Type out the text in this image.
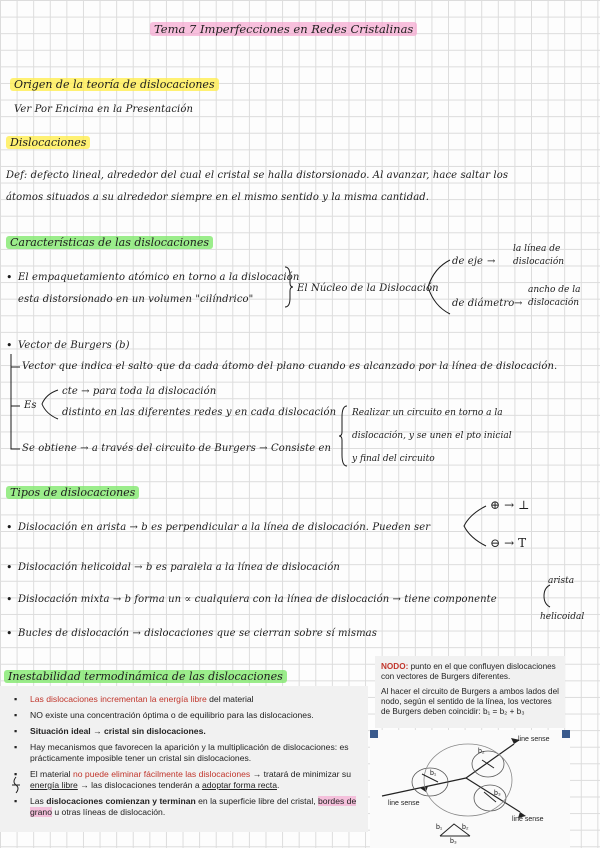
Tema 7 Imperfecciones en Redes Cristalinas
Origen de la teoría de dislocaciones
Ver Por Encima en la Presentación
Dislocaciones
Def: defecto lineal, alrededor del cual el cristal se halla distorsionado. Al avanzar, hace saltar los
átomos situados a su alrededor siempre en el mismo sentido y la misma cantidad.
Características de las dislocaciones
• El empaquetamiento atómico en torno a la dislocación
esta distorsionado en un volumen "cilíndrico"
El Núcleo de la Dislocación
de eje →
la línea de
dislocación
de diámetro →
ancho de la
dislocación
• Vector de Burgers (b)
Vector que indica el salto que da cada átomo del plano cuando es alcanzado por la línea de dislocación.
Es
cte → para toda la dislocación
distinto en las diferentes redes y en cada dislocación
Se obtiene → a través del circuito de Burgers → Consiste en
Realizar un circuito en torno a la
dislocación, y se unen el pto inicial
y final del circuito
Tipos de dislocaciones
• Dislocación en arista → b es perpendicular a la línea de dislocación. Pueden ser
⊕ → ⊥
⊖ → T
• Dislocación helicoidal → b es paralela a la línea de dislocación
• Dislocación mixta → b forma un ∝ cualquiera con la línea de dislocación → tiene componente
arista
helicoidal
• Bucles de dislocación → dislocaciones que se cierran sobre sí mismas
Inestabilidad termodinámica de las dislocaciones
▪ Las dislocaciones incrementan la energía libre del material
▪ NO existe una concentración óptima o de equilibrio para las dislocaciones.
▪ Situación ideal → cristal sin dislocaciones.
▪ Hay mecanismos que favorecen la aparición y la multiplicación de dislocaciones: es prácticamente imposible tener un cristal sin dislocaciones.
▪ El material no puede eliminar fácilmente las dislocaciones → tratará de minimizar su energía libre → las dislocaciones tenderán a adoptar forma recta.
▪ Las dislocaciones comienzan y terminan en la superficie libre del cristal, bordes de grano u otras líneas de dislocación.

NODO: punto en el que confluyen dislocaciones con vectores de Burgers diferentes.

Al hacer el circuito de Burgers a ambos lados del nodo, según el sentido de la línea, los vectores de Burgers deben coincidir: b₁ = b₂ + b₃

line sense
line sense
line sense
b₁
b₂
b₃
b₁	b₂
b₃
